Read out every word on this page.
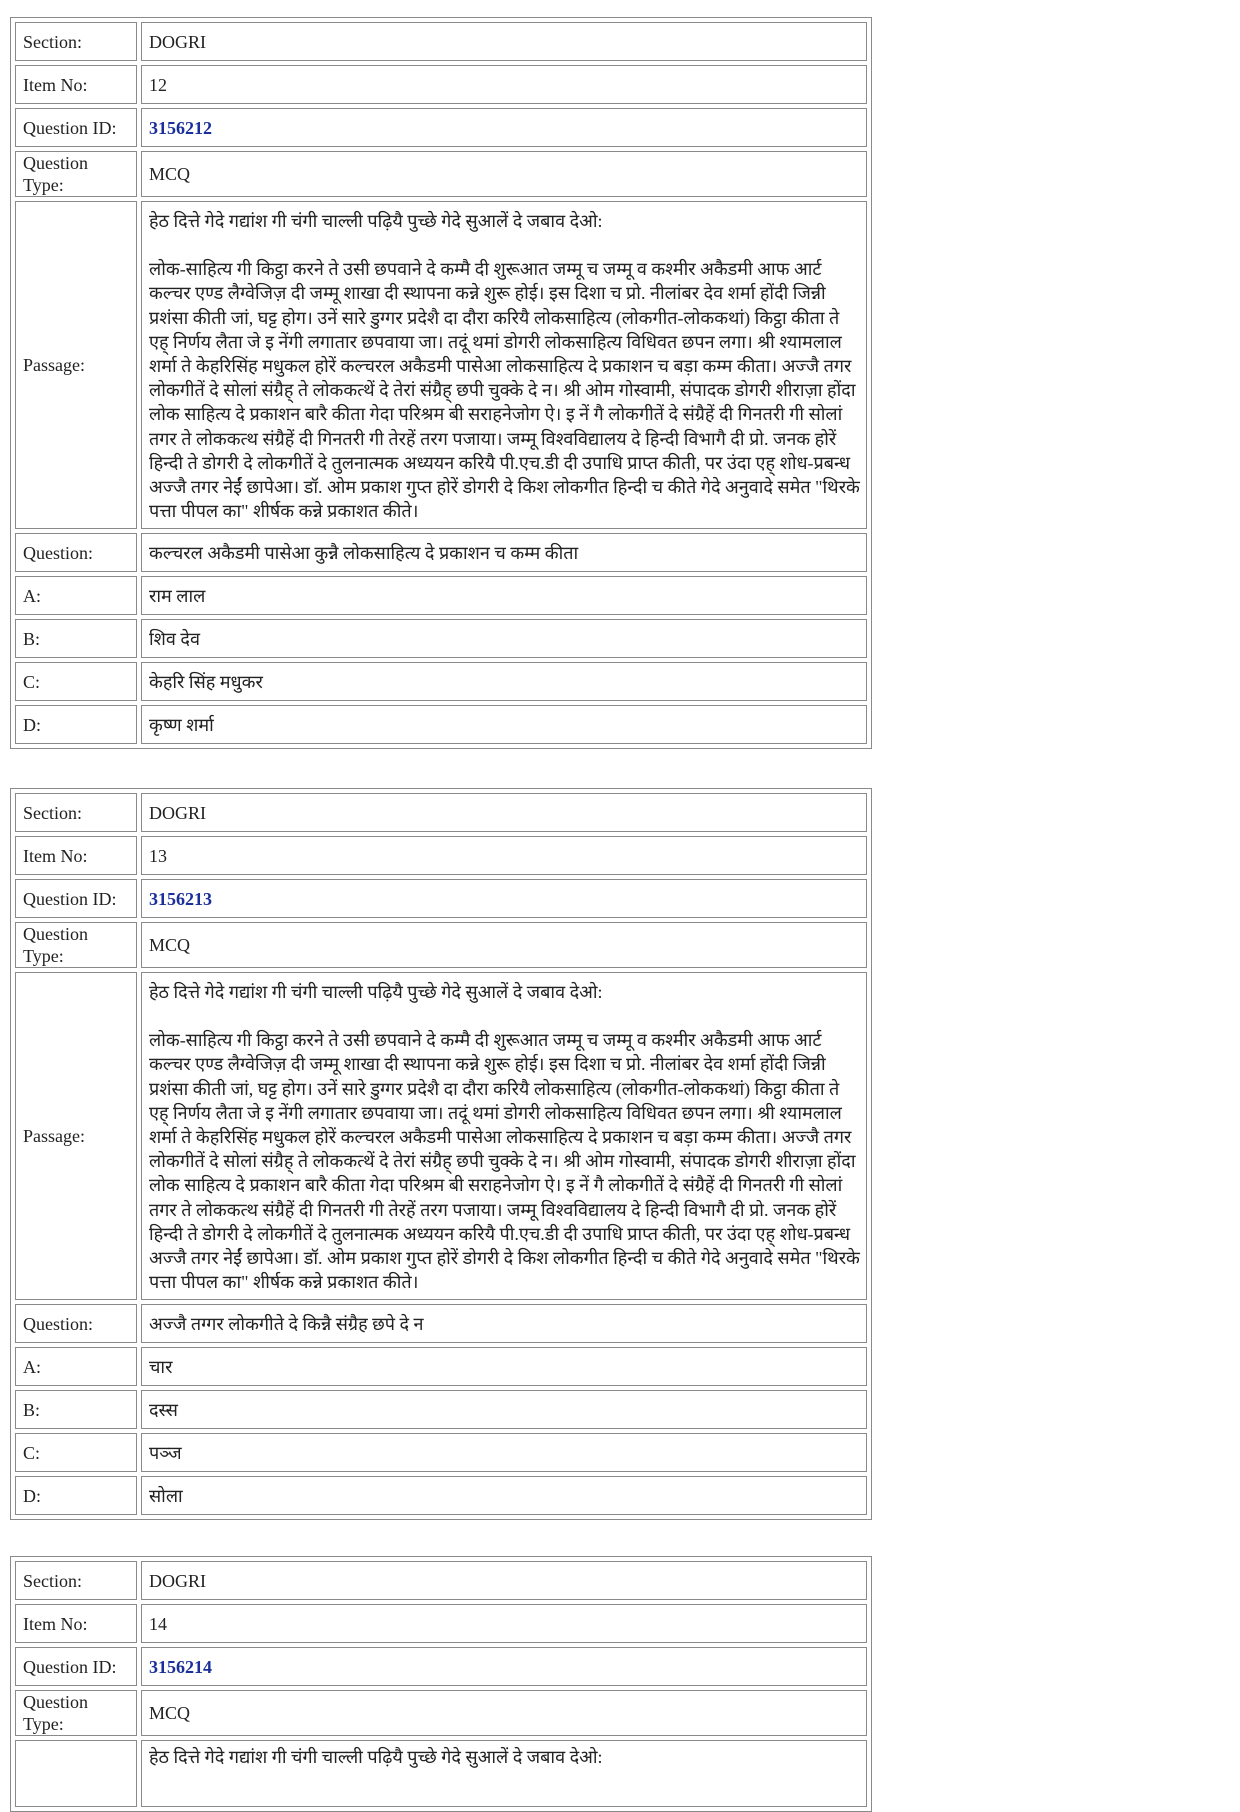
Section:	DOGRI
Item No:	12
Question ID:	3156212
Question Type:	MCQ
Passage:	हेठ दित्ते गेदे गद्यांश गी चंगी चाल्ली पढ़ियै पुच्छे गेदे सुआलें दे जबाव देओ:
लोक-साहित्य गी किट्ठा करने ते उसी छपवाने दे कम्मै दी शुरूआत जम्मू च जम्मू व कश्मीर अकैडमी आफ आर्ट कल्चर एण्ड लैग्वेजिज़ दी जम्मू शाखा दी स्थापना कन्ने शुरू होई। इस दिशा च प्रो. नीलांबर देव शर्मा होंदी जिन्नी प्रशंसा कीती जां, घट्ट होग। उनें सारे डुग्गर प्रदेशै दा दौरा करियै लोकसाहित्य (लोकगीत-लोककथां) किट्ठा कीता ते एह् निर्णय लैता जे इ नेंगी लगातार छपवाया जा। तदूं थमां डोगरी लोकसाहित्य विधिवत छपन लगा। श्री श्यामलाल शर्मा ते केहरिसिंह मधुकल होरें कल्चरल अकैडमी पासेआ लोकसाहित्य दे प्रकाशन च बड़ा कम्म कीता। अज्जै तगर लोकगीतें दे सोलां संग्रैह् ते लोककत्थें दे तेरां संग्रैह् छपी चुक्के दे न। श्री ओम गोस्वामी, संपादक डोगरी शीराज़ा होंदा लोक साहित्य दे प्रकाशन बारै कीता गेदा परिश्रम बी सराहनेजोग ऐ। इ नें गै लोकगीतें दे संग्रैहें दी गिनतरी गी सोलां तगर ते लोककत्थ संग्रैहें दी गिनतरी गी तेरहें तरग पजाया। जम्मू विश्वविद्यालय दे हिन्दी विभागै दी प्रो. जनक होरें हिन्दी ते डोगरी दे लोकगीतें दे तुलनात्मक अध्ययन करियै पी.एच.डी दी उपाधि प्राप्त कीती, पर उंदा एह् शोध-प्रबन्ध अज्जै तगर नेईं छापेआ। डॉ. ओम प्रकाश गुप्त होरें डोगरी दे किश लोकगीत हिन्दी च कीते गेदे अनुवादे समेत "थिरके पत्ता पीपल का" शीर्षक कन्ने प्रकाशत कीते।

Question:	कल्चरल अकैडमी पासेआ कुन्नै लोकसाहित्य दे प्रकाशन च कम्म कीता
A:	राम लाल
B:	शिव देव
C:	केहरि सिंह मधुकर
D:	कृष्ण शर्मा
Section:	DOGRI
Item No:	13
Question ID:	3156213
Question Type:	MCQ
Passage:	हेठ दित्ते गेदे गद्यांश गी चंगी चाल्ली पढ़ियै पुच्छे गेदे सुआलें दे जबाव देओ:
लोक-साहित्य गी किट्ठा करने ते उसी छपवाने दे कम्मै दी शुरूआत जम्मू च जम्मू व कश्मीर अकैडमी आफ आर्ट कल्चर एण्ड लैग्वेजिज़ दी जम्मू शाखा दी स्थापना कन्ने शुरू होई। इस दिशा च प्रो. नीलांबर देव शर्मा होंदी जिन्नी प्रशंसा कीती जां, घट्ट होग। उनें सारे डुग्गर प्रदेशै दा दौरा करियै लोकसाहित्य (लोकगीत-लोककथां) किट्ठा कीता ते एह् निर्णय लैता जे इ नेंगी लगातार छपवाया जा। तदूं थमां डोगरी लोकसाहित्य विधिवत छपन लगा। श्री श्यामलाल शर्मा ते केहरिसिंह मधुकल होरें कल्चरल अकैडमी पासेआ लोकसाहित्य दे प्रकाशन च बड़ा कम्म कीता। अज्जै तगर लोकगीतें दे सोलां संग्रैह् ते लोककत्थें दे तेरां संग्रैह् छपी चुक्के दे न। श्री ओम गोस्वामी, संपादक डोगरी शीराज़ा होंदा लोक साहित्य दे प्रकाशन बारै कीता गेदा परिश्रम बी सराहनेजोग ऐ। इ नें गै लोकगीतें दे संग्रैहें दी गिनतरी गी सोलां तगर ते लोककत्थ संग्रैहें दी गिनतरी गी तेरहें तरग पजाया। जम्मू विश्वविद्यालय दे हिन्दी विभागै दी प्रो. जनक होरें हिन्दी ते डोगरी दे लोकगीतें दे तुलनात्मक अध्ययन करियै पी.एच.डी दी उपाधि प्राप्त कीती, पर उंदा एह् शोध-प्रबन्ध अज्जै तगर नेईं छापेआ। डॉ. ओम प्रकाश गुप्त होरें डोगरी दे किश लोकगीत हिन्दी च कीते गेदे अनुवादे समेत "थिरके पत्ता पीपल का" शीर्षक कन्ने प्रकाशत कीते।

Question:	अज्जै तग्गर लोकगीते दे किन्नै संग्रैह छपे दे न
A:	चार
B:	दस्स
C:	पञ्ज
D:	सोला
Section:	DOGRI
Item No:	14
Question ID:	3156214
Question Type:	MCQ
	हेठ दित्ते गेदे गद्यांश गी चंगी चाल्ली पढ़ियै पुच्छे गेदे सुआलें दे जबाव देओ:
